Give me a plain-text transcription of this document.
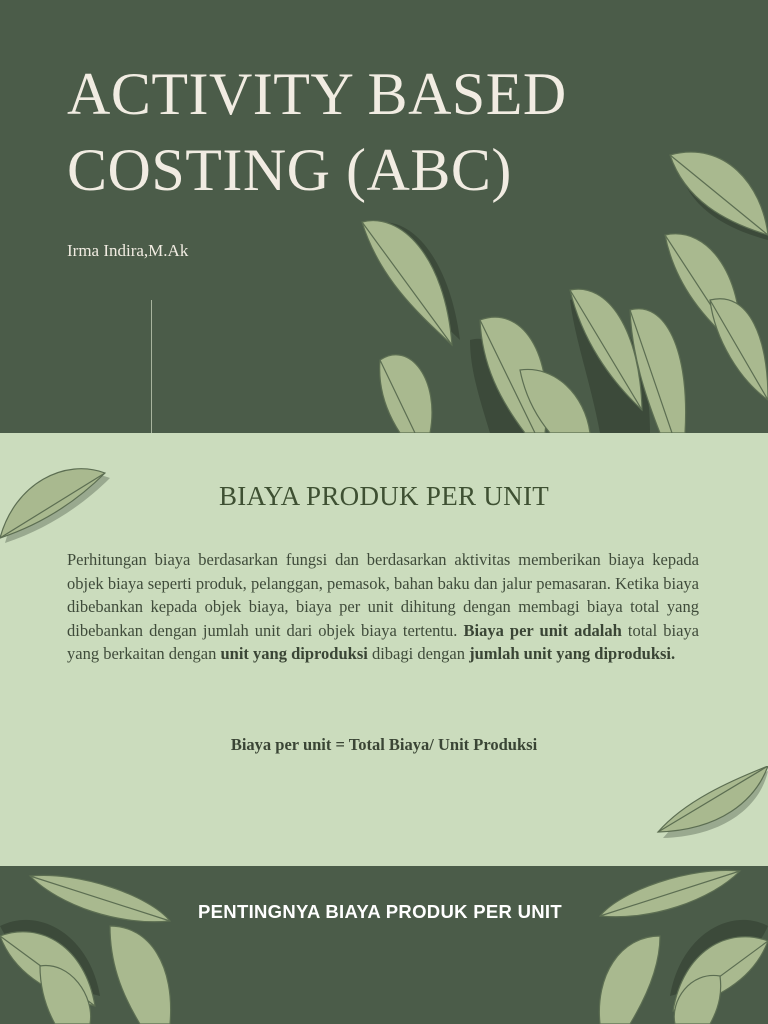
ACTIVITY BASED
COSTING (ABC)
Irma Indira,M.Ak
BIAYA PRODUK PER UNIT
Perhitungan biaya berdasarkan fungsi dan berdasarkan aktivitas memberikan biaya kepada objek biaya seperti produk, pelanggan, pemasok, bahan baku dan jalur pemasaran. Ketika biaya dibebankan kepada objek biaya, biaya per unit dihitung dengan membagi biaya total yang dibebankan dengan jumlah unit dari objek biaya tertentu. Biaya per unit adalah total biaya yang berkaitan dengan unit yang diproduksi dibagi dengan jumlah unit yang diproduksi.
Biaya per unit = Total Biaya/ Unit Produksi
PENTINGNYA BIAYA PRODUK PER UNIT
